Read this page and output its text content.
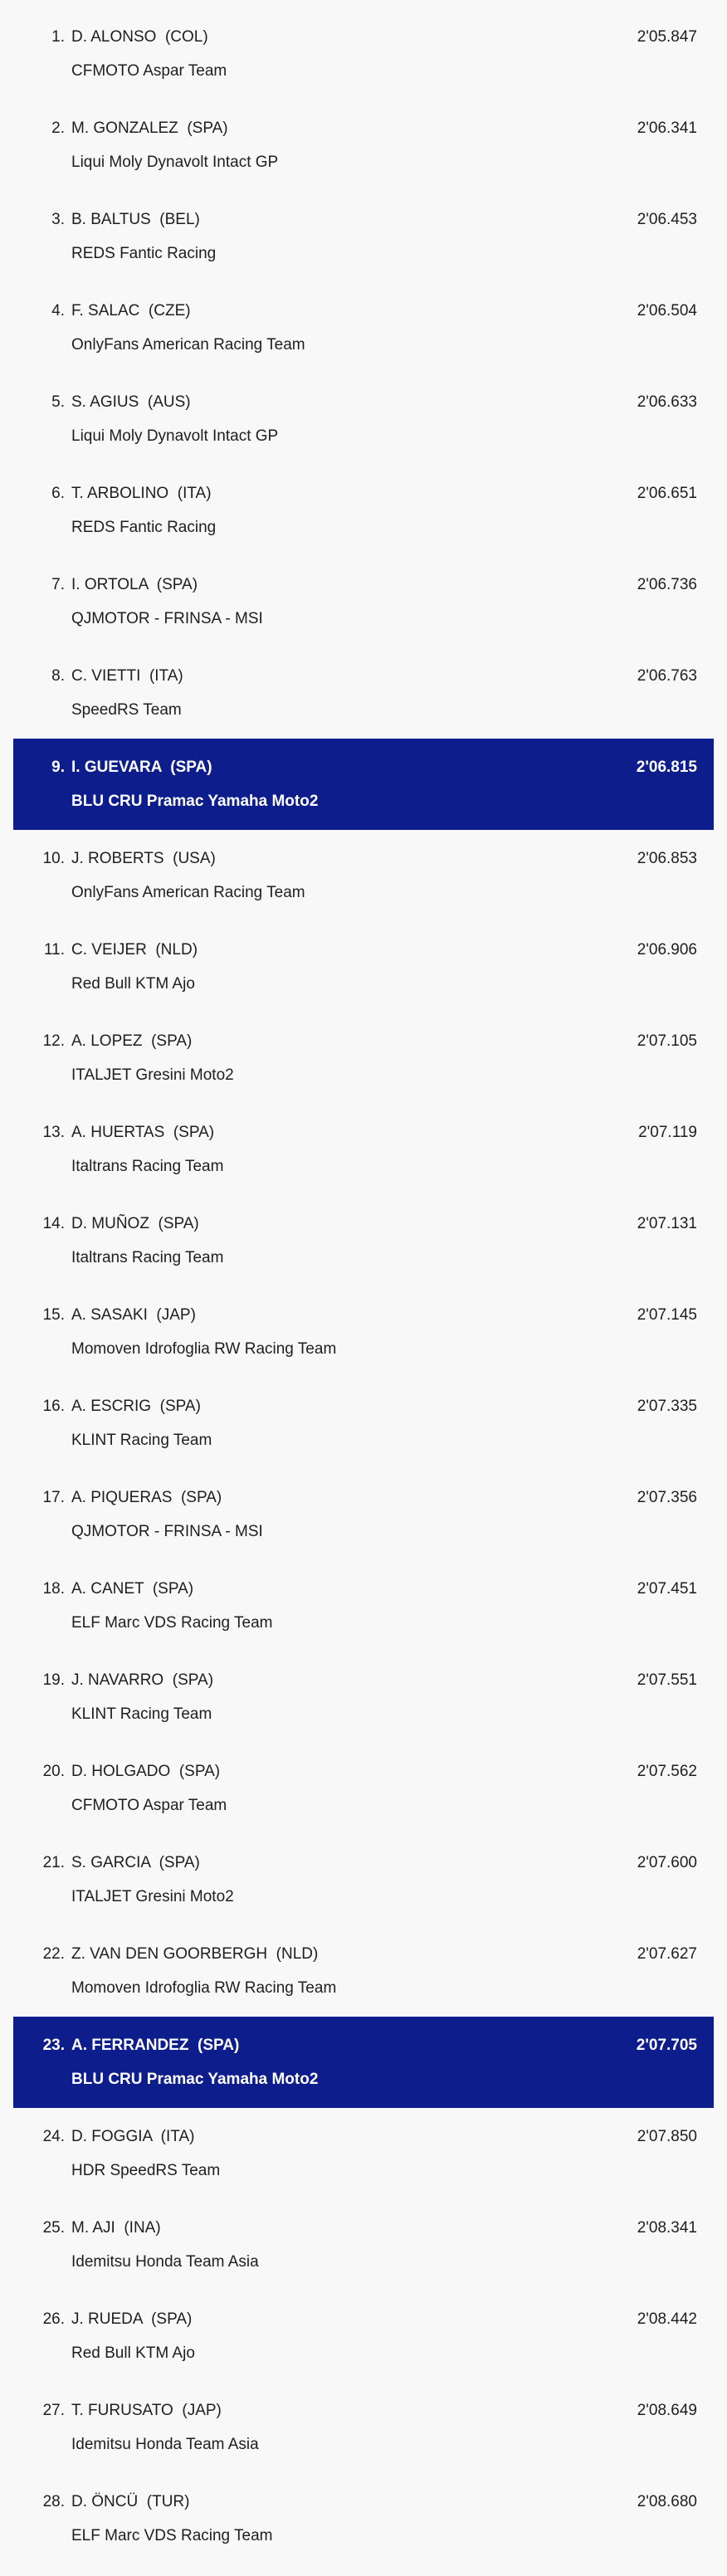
1. D. ALONSO  (COL)	2'05.847
CFMOTO Aspar Team
2. M. GONZALEZ  (SPA)	2'06.341
Liqui Moly Dynavolt Intact GP
3. B. BALTUS  (BEL)	2'06.453
REDS Fantic Racing
4. F. SALAC  (CZE)	2'06.504
OnlyFans American Racing Team
5. S. AGIUS  (AUS)	2'06.633
Liqui Moly Dynavolt Intact GP
6. T. ARBOLINO  (ITA)	2'06.651
REDS Fantic Racing
7. I. ORTOLA  (SPA)	2'06.736
QJMOTOR - FRINSA - MSI
8. C. VIETTI  (ITA)	2'06.763
SpeedRS Team
9. I. GUEVARA  (SPA)	2'06.815
BLU CRU Pramac Yamaha Moto2
10. J. ROBERTS  (USA)	2'06.853
OnlyFans American Racing Team
11. C. VEIJER  (NLD)	2'06.906
Red Bull KTM Ajo
12. A. LOPEZ  (SPA)	2'07.105
ITALJET Gresini Moto2
13. A. HUERTAS  (SPA)	2'07.119
Italtrans Racing Team
14. D. MUÑOZ  (SPA)	2'07.131
Italtrans Racing Team
15. A. SASAKI  (JAP)	2'07.145
Momoven Idrofoglia RW Racing Team
16. A. ESCRIG  (SPA)	2'07.335
KLINT Racing Team
17. A. PIQUERAS  (SPA)	2'07.356
QJMOTOR - FRINSA - MSI
18. A. CANET  (SPA)	2'07.451
ELF Marc VDS Racing Team
19. J. NAVARRO  (SPA)	2'07.551
KLINT Racing Team
20. D. HOLGADO  (SPA)	2'07.562
CFMOTO Aspar Team
21. S. GARCIA  (SPA)	2'07.600
ITALJET Gresini Moto2
22. Z. VAN DEN GOORBERGH  (NLD)	2'07.627
Momoven Idrofoglia RW Racing Team
23. A. FERRANDEZ  (SPA)	2'07.705
BLU CRU Pramac Yamaha Moto2
24. D. FOGGIA  (ITA)	2'07.850
HDR SpeedRS Team
25. M. AJI  (INA)	2'08.341
Idemitsu Honda Team Asia
26. J. RUEDA  (SPA)	2'08.442
Red Bull KTM Ajo
27. T. FURUSATO  (JAP)	2'08.649
Idemitsu Honda Team Asia
28. D. ÖNCÜ  (TUR)	2'08.680
ELF Marc VDS Racing Team
